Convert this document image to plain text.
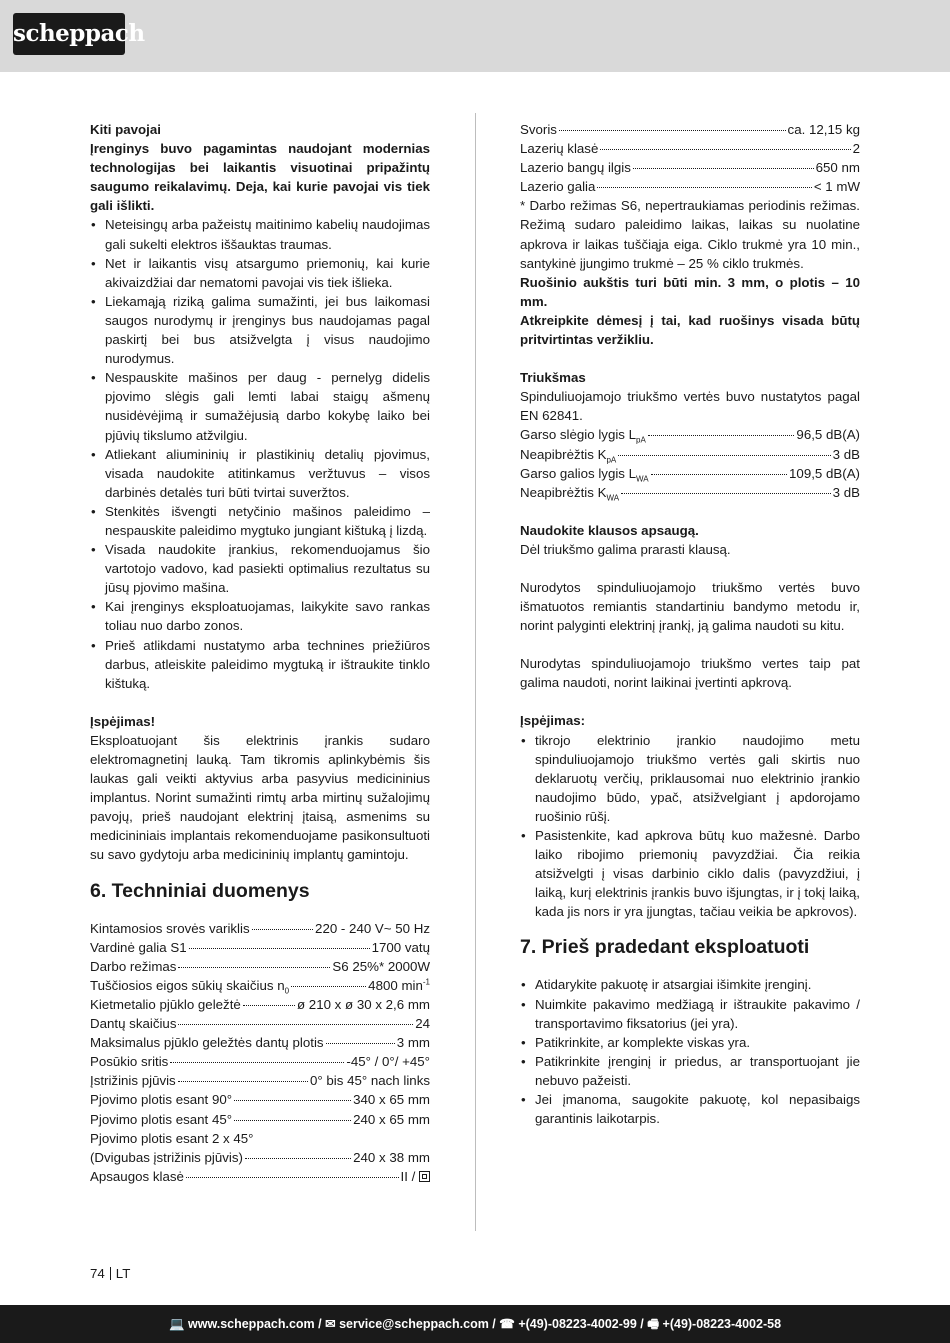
scheppach

Kiti pavojai

Įrenginys buvo pagamintas naudojant modernias technologijas bei laikantis visuotinai pripažintų saugumo reikalavimų. Deja, kai kurie pavojai vis tiek gali išlikti.

• Neteisingų arba pažeistų maitinimo kabelių naudojimas gali sukelti elektros iššauktas traumas.
• Net ir laikantis visų atsargumo priemonių, kai kurie akivaizdžiai dar nematomi pavojai vis tiek išlieka.
• Liekamąją riziką galima sumažinti, jei bus laikomasi saugos nurodymų ir įrenginys bus naudojamas pagal paskirtį bei bus atsižvelgta į visus naudojimo nurodymus.
• Nespauskite mašinos per daug - pernelyg didelis pjovimo slėgis gali lemti labai staigų ašmenų nusidėvėjimą ir sumažėjusią darbo kokybę laiko bei pjūvių tikslumo atžvilgiu.
• Atliekant aliumininių ir plastikinių detalių pjovimus, visada naudokite atitinkamus veržtuvus – visos darbinės detalės turi būti tvirtai suveržtos.
• Stenkitės išvengti netyčinio mašinos paleidimo – nespauskite paleidimo mygtuko jungiant kištuką į lizdą.
• Visada naudokite įrankius, rekomenduojamus šio vartotojo vadovo, kad pasiekti optimalius rezultatus su jūsų pjovimo mašina.
• Kai įrenginys eksploatuojamas, laikykite savo rankas toliau nuo darbo zonos.
• Prieš atlikdami nustatymo arba technines priežiūros darbus, atleiskite paleidimo mygtuką ir ištraukite tinklo kištuką.

Įspėjimas!

Eksploatuojant šis elektrinis įrankis sudaro elektromagnetinį lauką. Tam tikromis aplinkybėmis šis laukas gali veikti aktyvius arba pasyvius medicininius implantus. Norint sumažinti rimtų arba mirtinų sužalojimų pavojų, prieš naudojant elektrinį įtaisą, asmenims su medicininiais implantais rekomenduojame pasikonsultuoti su savo gydytoju arba medicininių implantų gamintoju.

6. Techniniai duomenys
Kintamosios srovės variklis	220 - 240 V~ 50 Hz
Vardinė galia S1	1700 vatų
Darbo režimas	S6 25%* 2000W
Tuščiosios eigos sūkių skaičius $n_0$	4800 $\min^{-1}$
Kietmetalio pjūklo geležtė	ø 210 x ø 30 x 2,6 mm
Dantų skaičius	24
Maksimalus pjūklo geležtės dantų plotis	3 mm
Posūkio sritis	-45° / 0°/ +45°
Įstrižinis pjūvis	0° bis 45° nach links
Pjovimo plotis esant 90°	340 x 65 mm
Pjovimo plotis esant 45°	240 x 65 mm

Pjovimo plotis esant 2 x 45°

(Dvigubas įstrižinis pjūvis)	240 x 38 mm
Apsaugos klasė	II /
Svoris	ca. 12,15 kg
Lazerių klasė	2
Lazerio bangų ilgis	650 nm
Lazerio galia	< 1 mW

* Darbo režimas S6, nepertraukiamas periodinis režimas. Režimą sudaro paleidimo laikas, laikas su nuolatine apkrova ir laikas tuščiąja eiga. Ciklo trukmė yra 10 min., santykinė įjungimo trukmė – 25 % ciklo trukmės.

Ruošinio aukštis turi būti min. 3 mm, o plotis – 10 mm.

Atkreipkite dėmesį į tai, kad ruošinys visada būtų pritvirtintas veržikliu.

Triukšmas

Spinduliuojamojo triukšmo vertės buvo nustatytos pagal EN 62841.

Garso slėgio lygis $L_{pA}$	96,5 dB(A)
Neapibrėžtis $K_{pA}$	3 dB
Garso galios lygis $L_{WA}$	109,5 dB(A)
Neapibrėžtis $K_{WA}$	3 dB

Naudokite klausos apsaugą.

Dėl triukšmo galima prarasti klausą.

Nurodytos spinduliuojamojo triukšmo vertės buvo išmatuotos remiantis standartiniu bandymo metodu ir, norint palyginti elektrinį įrankį, ją galima naudoti su kitu.

Nurodytas spinduliuojamojo triukšmo vertes taip pat galima naudoti, norint laikinai įvertinti apkrovą.

Įspėjimas:

• tikrojo elektrinio įrankio naudojimo metu spinduliuojamojo triukšmo vertės gali skirtis nuo deklaruotų verčių, priklausomai nuo elektrinio įrankio naudojimo būdo, ypač, atsižvelgiant į apdorojamo ruošinio rūšį.
• Pasistenkite, kad apkrova būtų kuo mažesnė. Darbo laiko ribojimo priemonių pavyzdžiai. Čia reikia atsižvelgti į visas darbinio ciklo dalis (pavyzdžiui, į laiką, kurį elektrinis įrankis buvo išjungtas, ir į tokį laiką, kada jis nors ir yra įjungtas, tačiau veikia be apkrovos).
7. Prieš pradedant eksploatuoti
• Atidarykite pakuotę ir atsargiai išimkite įrenginį.
• Nuimkite pakavimo medžiagą ir ištraukite pakavimo / transportavimo fiksatorius (jei yra).
• Patikrinkite, ar komplekte viskas yra.
• Patikrinkite įrenginį ir priedus, ar transportuojant jie nebuvo pažeisti.
• Jei įmanoma, saugokite pakuotę, kol nepasibaigs garantinis laikotarpis.
74 LT
💻 www.scheppach.com / ✉ service@scheppach.com / ☎ +(49)-08223-4002-99 / 🖷 +(49)-08223-4002-58
